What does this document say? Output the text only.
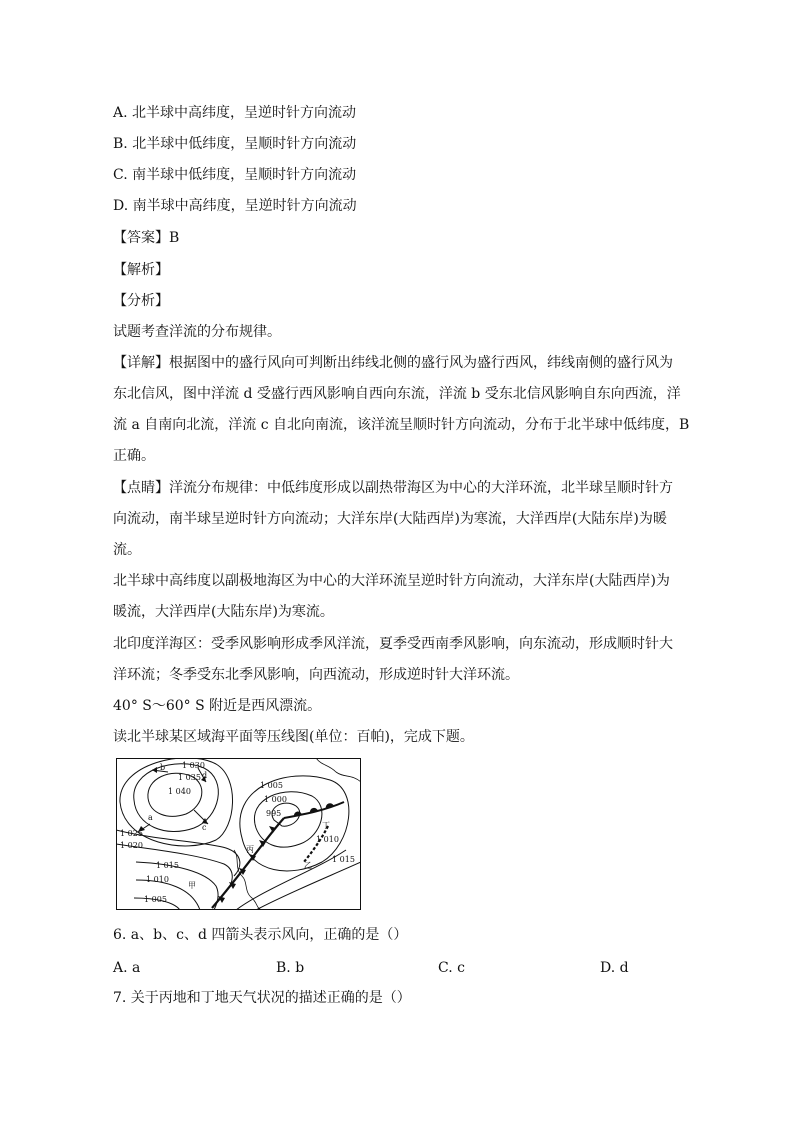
A. 北半球中高纬度，呈逆时针方向流动
B. 北半球中低纬度，呈顺时针方向流动
C. 南半球中低纬度，呈顺时针方向流动
D. 南半球中高纬度，呈逆时针方向流动
【答案】B
【解析】
【分析】
试题考查洋流的分布规律。
【详解】根据图中的盛行风向可判断出纬线北侧的盛行风为盛行西风，纬线南侧的盛行风为
东北信风，图中洋流 d 受盛行西风影响自西向东流，洋流 b 受东北信风影响自东向西流，洋
流 a 自南向北流，洋流 c 自北向南流，该洋流呈顺时针方向流动，分布于北半球中低纬度，B
正确。
【点睛】洋流分布规律：中低纬度形成以副热带海区为中心的大洋环流，北半球呈顺时针方
向流动，南半球呈逆时针方向流动；大洋东岸(大陆西岸)为寒流，大洋西岸(大陆东岸)为暖
流。
北半球中高纬度以副极地海区为中心的大洋环流呈逆时针方向流动，大洋东岸(大陆西岸)为
暖流，大洋西岸(大陆东岸)为寒流。
北印度洋海区：受季风影响形成季风洋流，夏季受西南季风影响，向东流动，形成顺时针大
洋环流；冬季受东北季风影响，向西流动，形成逆时针大洋环流。
40° S～60° S 附近是西风漂流。
读北半球某区域海平面等压线图(单位：百帕)，完成下题。
1 030
1 035
1 040
1 025
1 020
1 015
1 010
1 005
1 005
1 000
995
1 010
1 015
b
d
a
c
甲
丙
乙
丁
6. a、b、c、d 四箭头表示风向，正确的是（）
A. a	B. b	C. c	D. d
7. 关于丙地和丁地天气状况的描述正确的是（）
